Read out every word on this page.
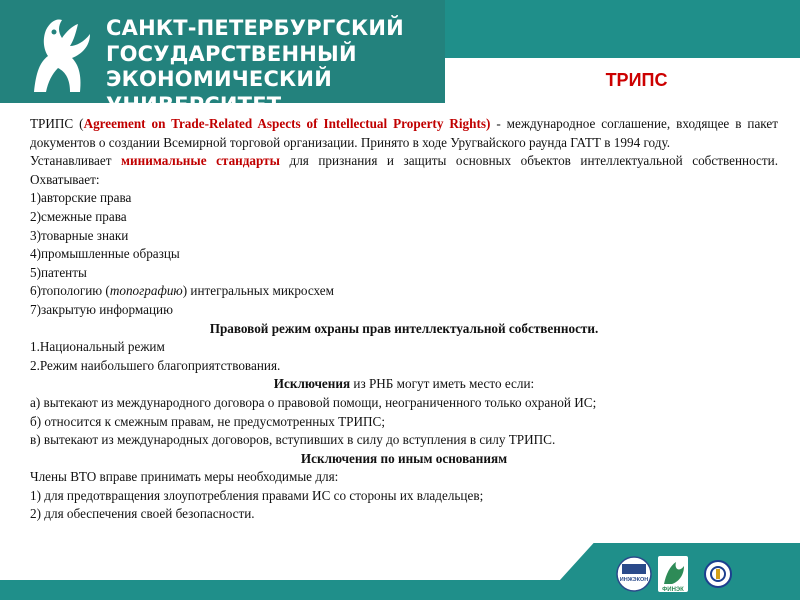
САНКТ-ПЕТЕРБУРГСКИЙ
ГОСУДАРСТВЕННЫЙ
ЭКОНОМИЧЕСКИЙ УНИВЕРСИТЕТ
ТРИПС

ТРИПС (Agreement on Trade-Related Aspects of Intellectual Property Rights) - международное соглашение, входящее в пакет документов о создании Всемирной торговой организации. Принято в ходе Уругвайского раунда ГАТТ в 1994 году.

Устанавливает минимальные стандарты для признания и защиты основных объектов интеллектуальной собственности. Охватывает:

1)авторские права

2)смежные права

3)товарные знаки

4)промышленные образцы

5)патенты

6)топологию (топографию) интегральных микросхем

7)закрытую информацию

Правовой режим охраны прав интеллектуальной собственности.

1.Национальный режим

2.Режим наибольшего благоприятствования.

Исключения из РНБ могут иметь место если:

а) вытекают из международного договора о правовой помощи, неограниченного только охраной ИС;

б) относится к смежным правам, не предусмотренных ТРИПС;

в) вытекают из международных договоров, вступивших в силу до вступления в силу ТРИПС.

Исключения по иным основаниям

Члены ВТО вправе принимать меры необходимые для:

1) для предотвращения злоупотребления правами ИС со стороны их владельцев;

2) для обеспечения своей безопасности.

ИНЖЭКОН
ФИНЭК
